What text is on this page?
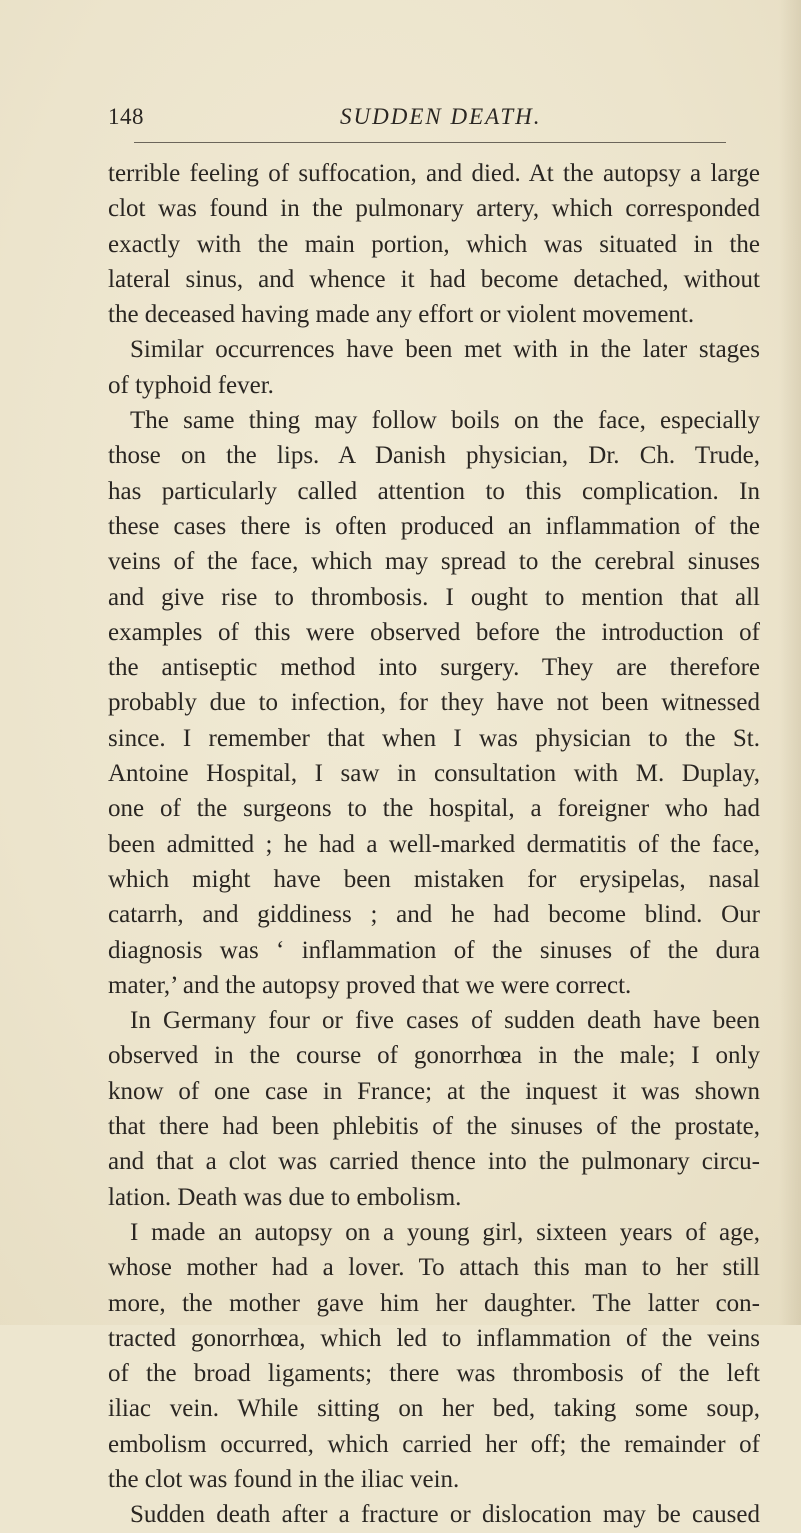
148	SUDDEN DEATH.
terrible feeling of suffocation, and died. At the autopsy a large
clot was found in the pulmonary artery, which corresponded
exactly with the main portion, which was situated in the
lateral sinus, and whence it had become detached, without
the deceased having made any effort or violent movement.
Similar occurrences have been met with in the later stages
of typhoid fever.
The same thing may follow boils on the face, especially
those on the lips. A Danish physician, Dr. Ch. Trude,
has particularly called attention to this complication. In
these cases there is often produced an inflammation of the
veins of the face, which may spread to the cerebral sinuses
and give rise to thrombosis. I ought to mention that all
examples of this were observed before the introduction of
the antiseptic method into surgery. They are therefore
probably due to infection, for they have not been witnessed
since. I remember that when I was physician to the St.
Antoine Hospital, I saw in consultation with M. Duplay,
one of the surgeons to the hospital, a foreigner who had
been admitted ; he had a well-marked dermatitis of the face,
which might have been mistaken for erysipelas, nasal
catarrh, and giddiness ; and he had become blind. Our
diagnosis was ‘ inflammation of the sinuses of the dura
mater,’ and the autopsy proved that we were correct.
In Germany four or five cases of sudden death have been
observed in the course of gonorrhœa in the male; I only
know of one case in France; at the inquest it was shown
that there had been phlebitis of the sinuses of the prostate,
and that a clot was carried thence into the pulmonary circu-
lation. Death was due to embolism.
I made an autopsy on a young girl, sixteen years of age,
whose mother had a lover. To attach this man to her still
more, the mother gave him her daughter. The latter con-
tracted gonorrhœa, which led to inflammation of the veins
of the broad ligaments; there was thrombosis of the left
iliac vein. While sitting on her bed, taking some soup,
embolism occurred, which carried her off; the remainder of
the clot was found in the iliac vein.
Sudden death after a fracture or dislocation may be caused
